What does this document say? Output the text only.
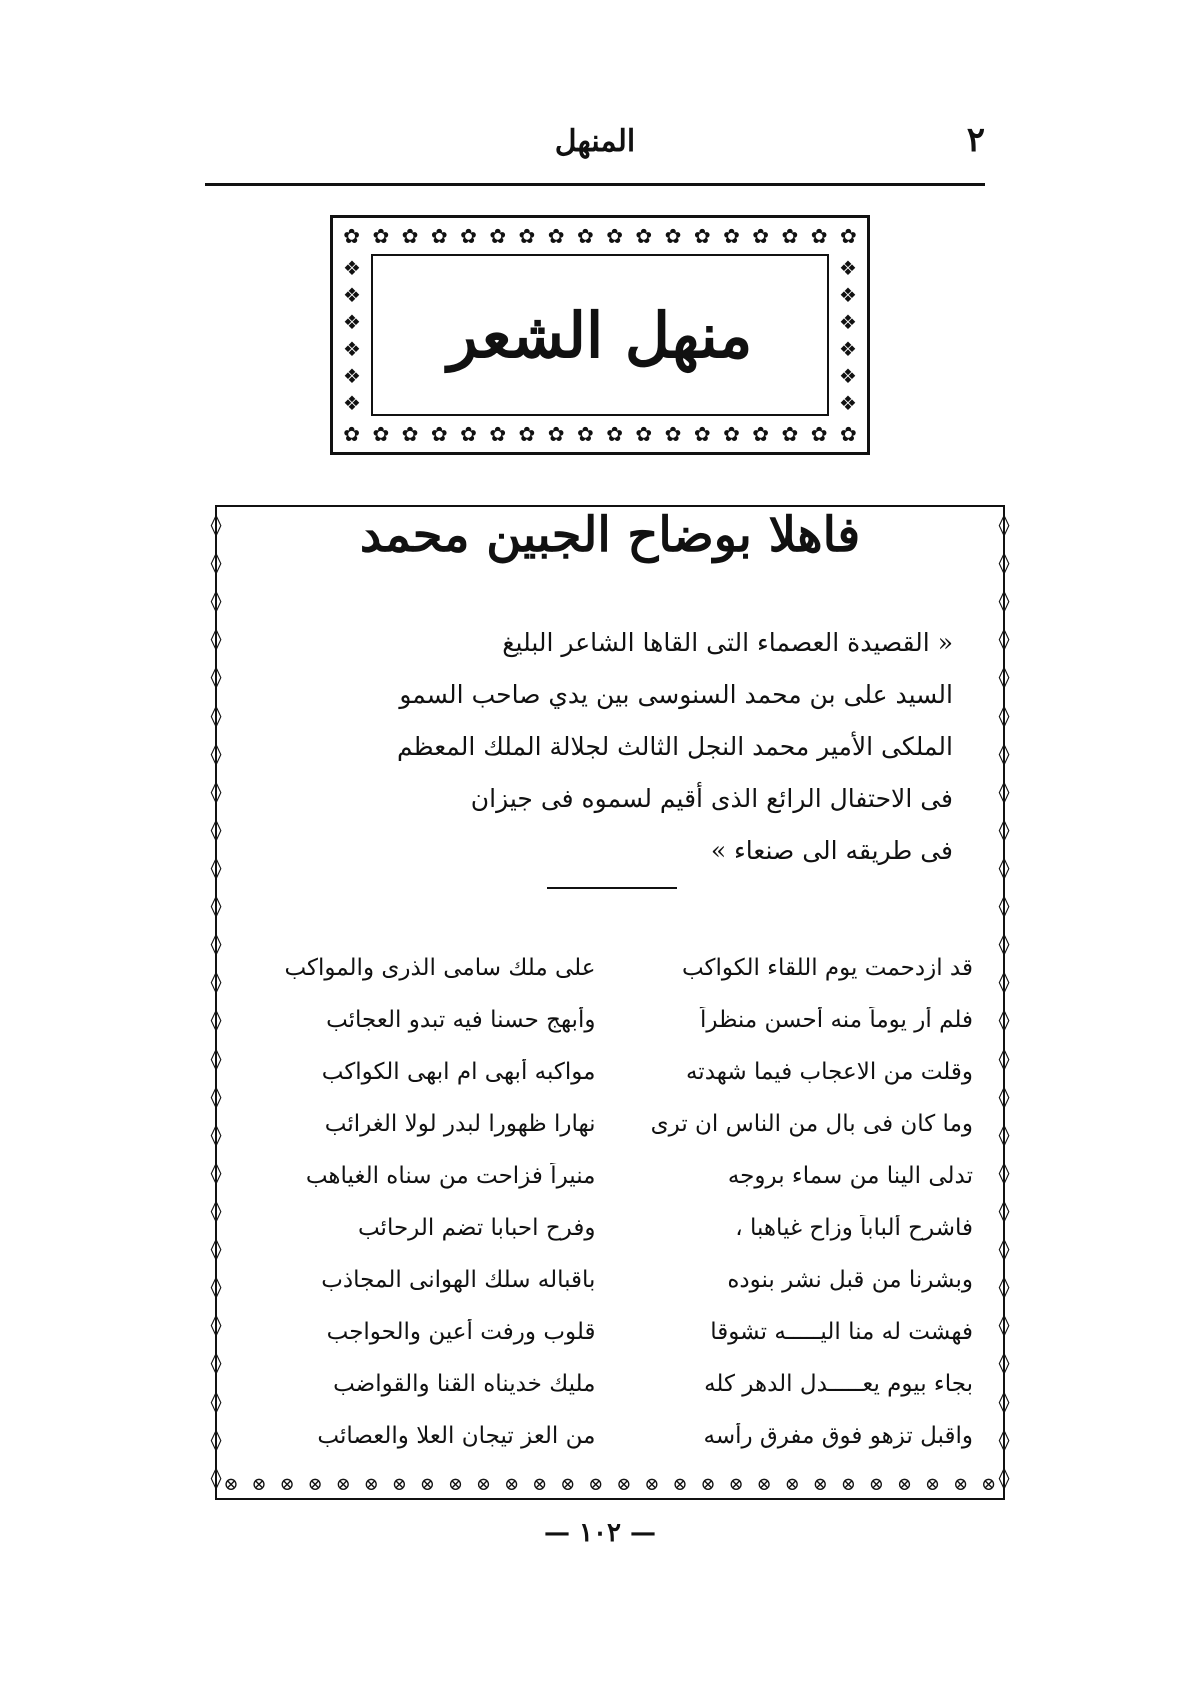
٢
المنهل
✿ ✿ ✿ ✿ ✿ ✿ ✿ ✿ ✿ ✿ ✿ ✿ ✿ ✿ ✿ ✿ ✿ ✿
✿ ✿ ✿ ✿ ✿ ✿ ✿ ✿ ✿ ✿ ✿ ✿ ✿ ✿ ✿ ✿ ✿ ✿
❖
❖
❖
❖
❖
❖
❖
❖
❖
❖
❖
❖
منهل الشعر
◊
◊
◊
◊
◊
◊
◊
◊
◊
◊
◊
◊
◊
◊
◊
◊
◊
◊
◊
◊
◊
◊
◊
◊
◊
◊
◊
◊
◊
◊
◊
◊
◊
◊
◊
◊
◊
◊
◊
◊
◊
◊
◊
◊
◊
◊
◊
◊
◊
◊
◊
◊
⊗ ⊗ ⊗ ⊗ ⊗ ⊗ ⊗ ⊗ ⊗ ⊗ ⊗ ⊗ ⊗ ⊗ ⊗ ⊗ ⊗ ⊗ ⊗ ⊗ ⊗ ⊗ ⊗ ⊗ ⊗ ⊗ ⊗ ⊗
فاهلا بوضاح الجبين محمد
« القصيدة العصماء التى القاها الشاعر البليغ
السيد على بن محمد السنوسى بين يدي صاحب السمو
الملكى الأمير محمد النجل الثالث لجلالة الملك المعظم
فى الاحتفال الرائع الذى أقيم لسموه فى جيزان
فى طريقه الى صنعاء »
قد ازدحمت يوم اللقاء الكواكب
على ملك سامى الذرى والمواكب
فلم أر يوماً منه أحسن منظراً
وأبهج حسنا فيه تبدو العجائب
وقلت من الاعجاب فيما شهدته
مواكبه أبهى ام ابهى الكواكب
وما كان فى بال من الناس ان ترى
نهارا ظهورا لبدر لولا الغرائب
تدلى الينا من سماء بروجه
منيراً فزاحت من سناه الغياهب
فاشرح ألباباً وزاح غياهبا ،
وفرح احبابا تضم الرحائب
وبشرنا من قبل نشر بنوده
باقباله سلك الهوانى المجاذب
فهشت له منا اليـــــه تشوقا
قلوب ورفت أعين والحواجب
بجاء بيوم يعـــــدل الدهر كله
مليك خديناه القنا والقواضب
واقبل تزهو فوق مفرق رأسه
من العز تيجان العلا والعصائب
— ١٠٢ —
